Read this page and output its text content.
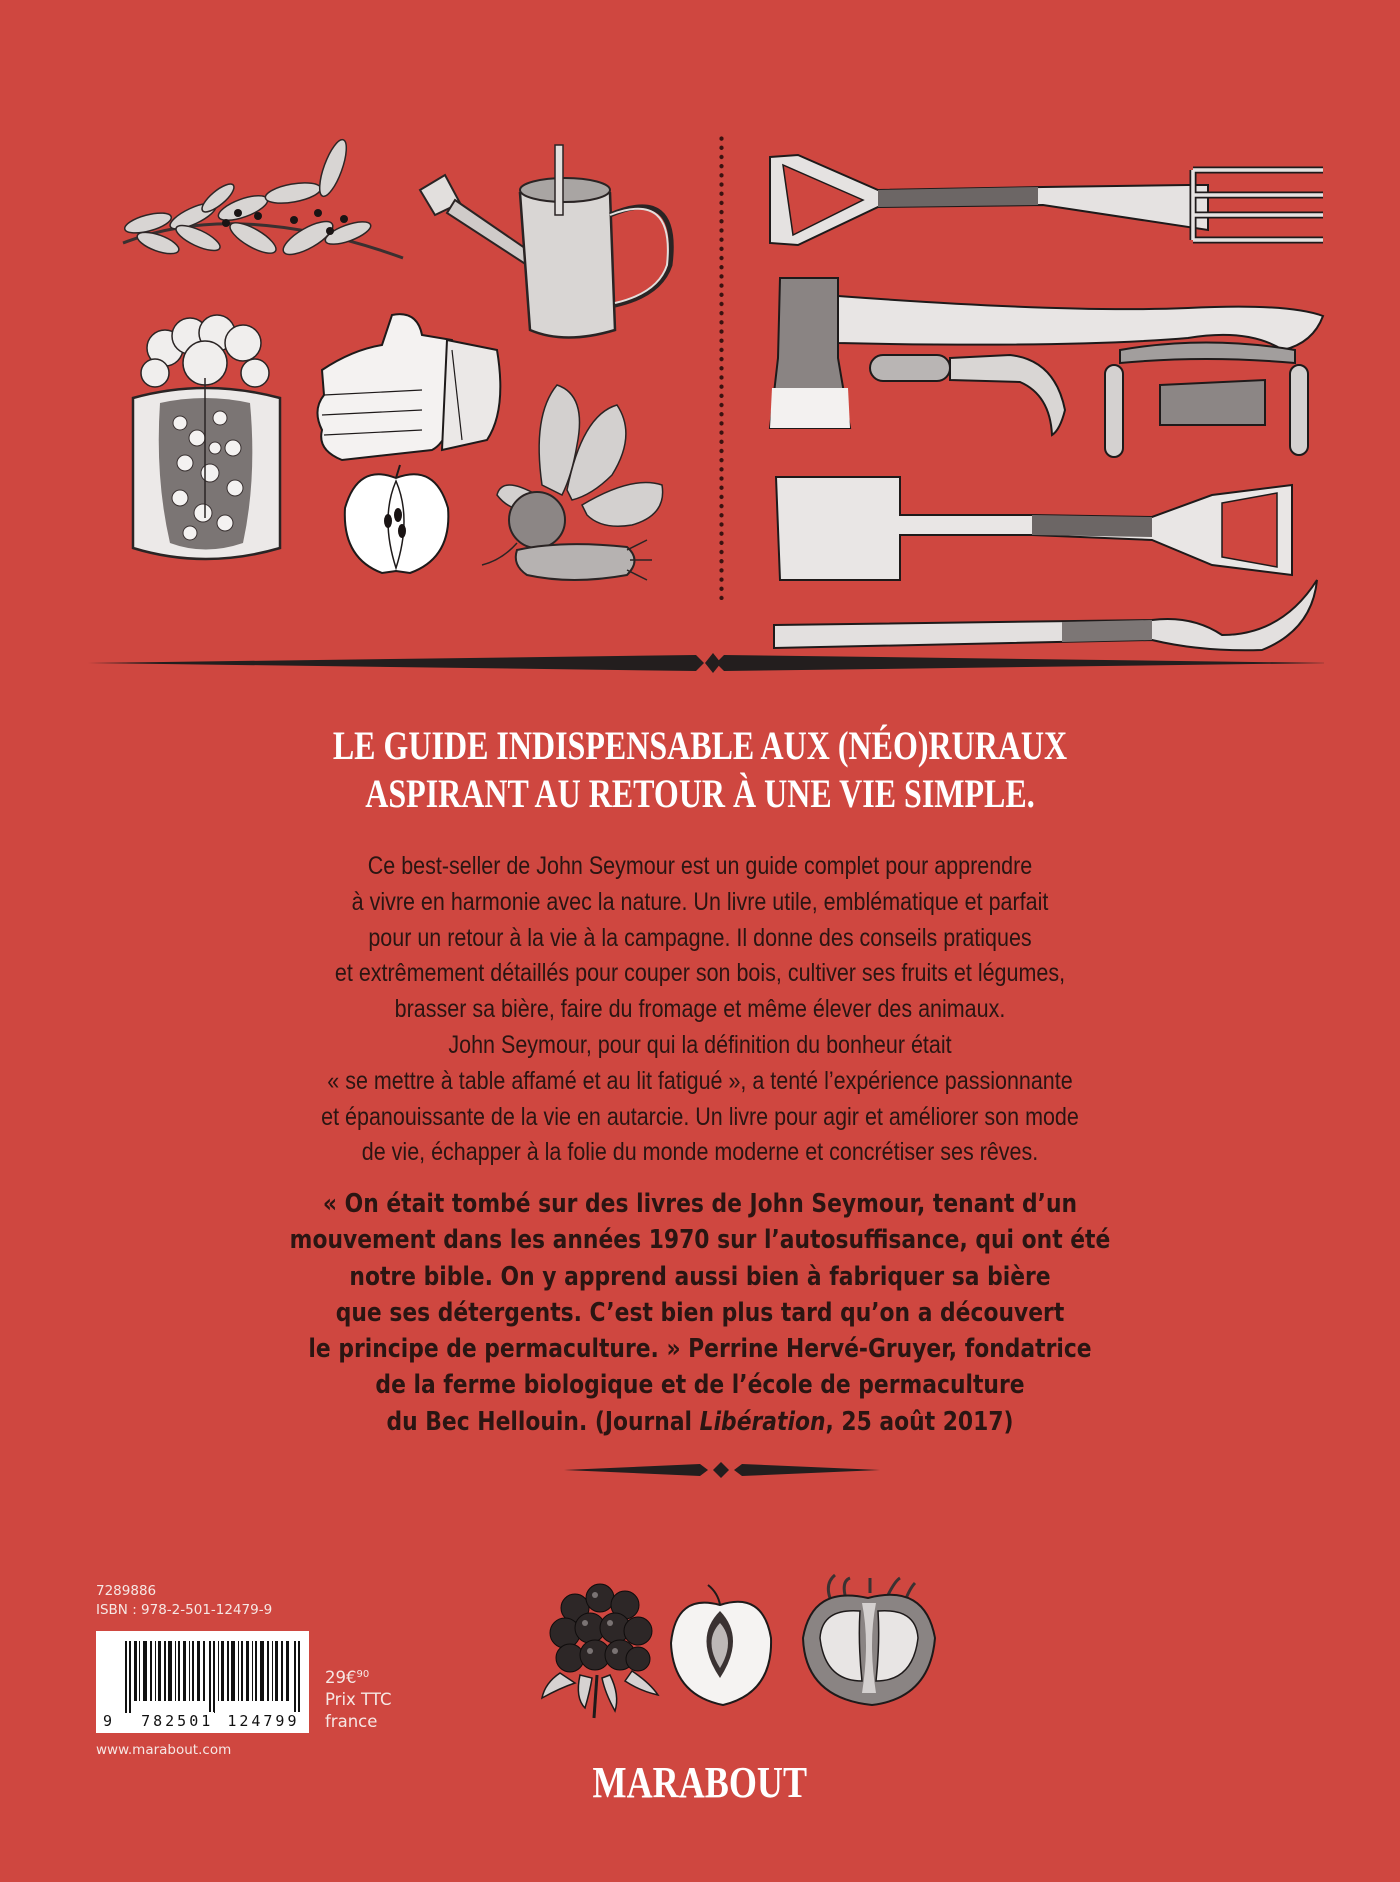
LE GUIDE INDISPENSABLE AUX (NÉO)RURAUX
ASPIRANT AU RETOUR À UNE VIE SIMPLE.
Ce best-seller de John Seymour est un guide complet pour apprendre
à vivre en harmonie avec la nature. Un livre utile, emblématique et parfait
pour un retour à la vie à la campagne. Il donne des conseils pratiques
et extrêmement détaillés pour couper son bois, cultiver ses fruits et légumes,
brasser sa bière, faire du fromage et même élever des animaux.
John Seymour, pour qui la définition du bonheur était
« se mettre à table affamé et au lit fatigué », a tenté l’expérience passionnante
et épanouissante de la vie en autarcie. Un livre pour agir et améliorer son mode
de vie, échapper à la folie du monde moderne et concrétiser ses rêves.
« On était tombé sur des livres de John Seymour, tenant d’un
mouvement dans les années 1970 sur l’autosuffisance, qui ont été
notre bible. On y apprend aussi bien à fabriquer sa bière
que ses détergents. C’est bien plus tard qu’on a découvert
le principe de permaculture. » Perrine Hervé-Gruyer, fondatrice
de la ferme biologique et de l’école de permaculture
du Bec Hellouin. (Journal Libération, 25 août 2017)
7289886
ISBN : 978-2-501-12479-9
9 782501 124799
29€$^{90}$
Prix TTC
france
www.marabout.com
MARABOUT
